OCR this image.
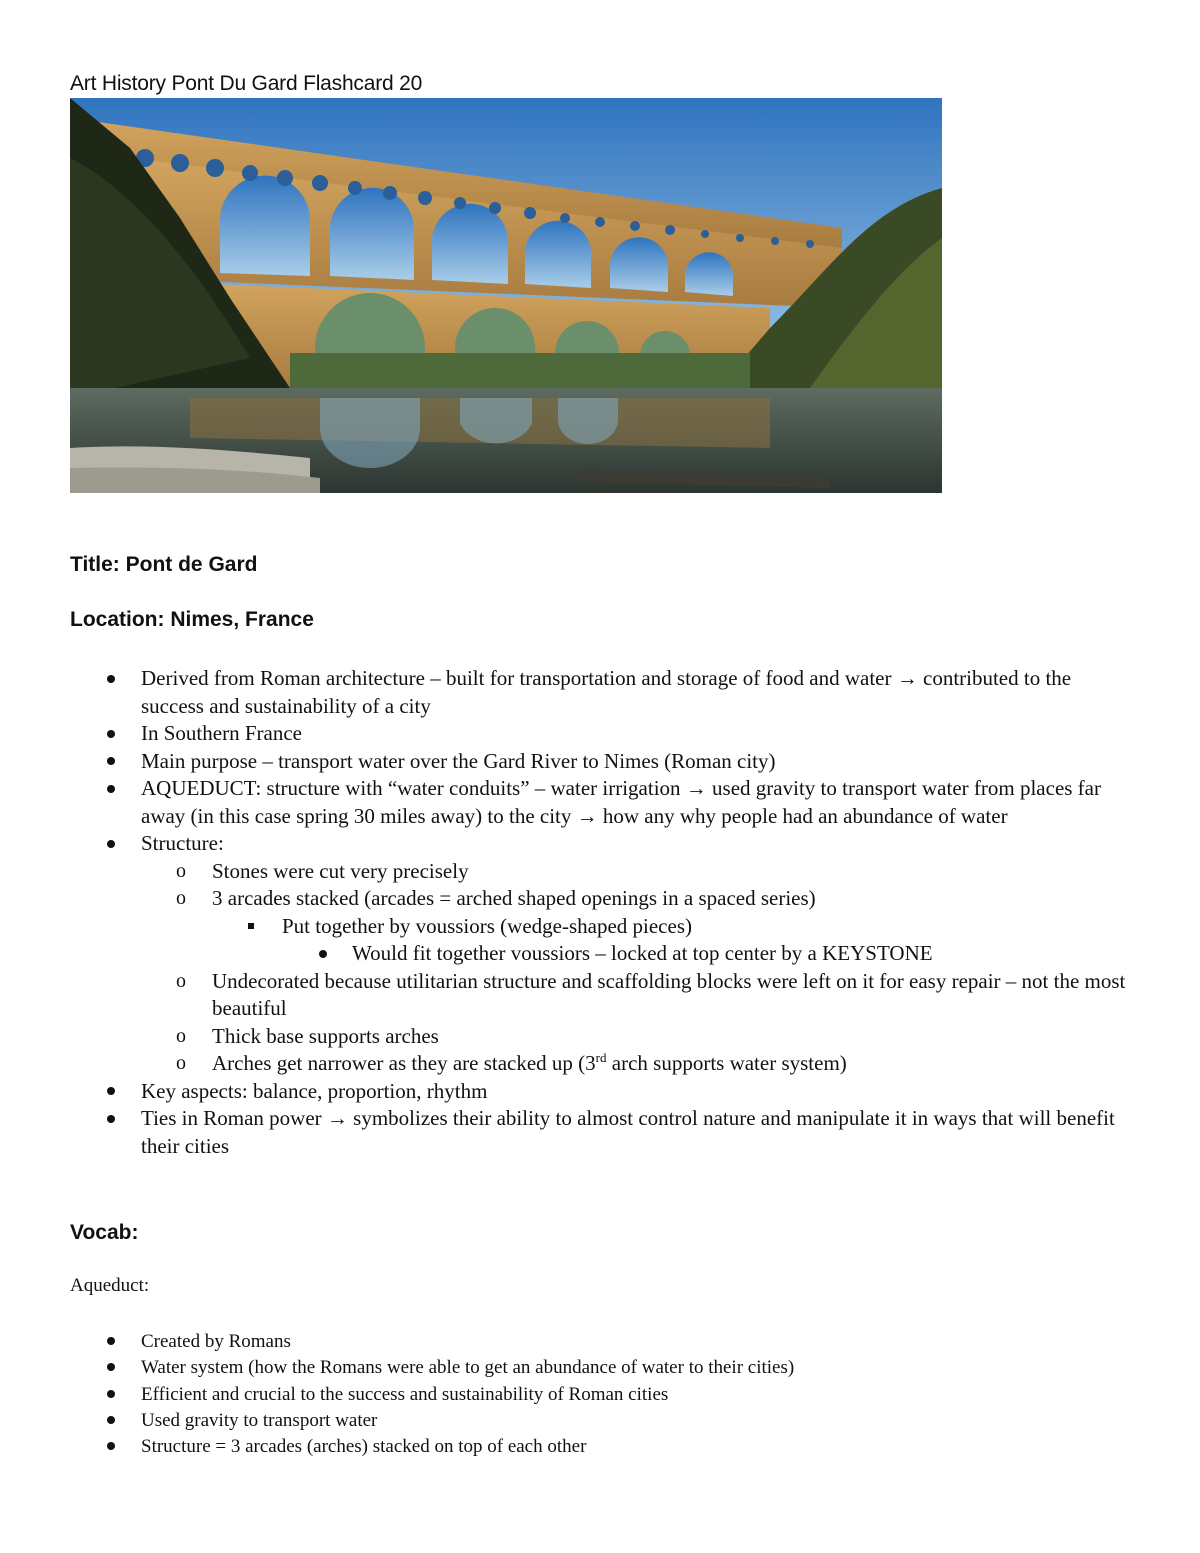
Art History Pont Du Gard Flashcard 20
Title: Pont de Gard
Location: Nimes, France
Derived from Roman architecture – built for transportation and storage of food and water → contributed to the success and sustainability of a city
In Southern France
Main purpose – transport water over the Gard River to Nimes (Roman city)
AQUEDUCT: structure with “water conduits” – water irrigation → used gravity to transport water from places far away (in this case spring 30 miles away) to the city → how any why people had an abundance of water
Structure:
o Stones were cut very precisely
o 3 arcades stacked (arcades = arched shaped openings in a spaced series)
Put together by voussiors (wedge-shaped pieces)
Would fit together voussiors – locked at top center by a KEYSTONE
o Undecorated because utilitarian structure and scaffolding blocks were left on it for easy repair – not the most beautiful
o Thick base supports arches
o Arches get narrower as they are stacked up (3rd arch supports water system)
Key aspects: balance, proportion, rhythm
Ties in Roman power → symbolizes their ability to almost control nature and manipulate it in ways that will benefit their cities
Vocab:
Aqueduct:
Created by Romans
Water system (how the Romans were able to get an abundance of water to their cities)
Efficient and crucial to the success and sustainability of Roman cities
Used gravity to transport water
Structure = 3 arcades (arches) stacked on top of each other
